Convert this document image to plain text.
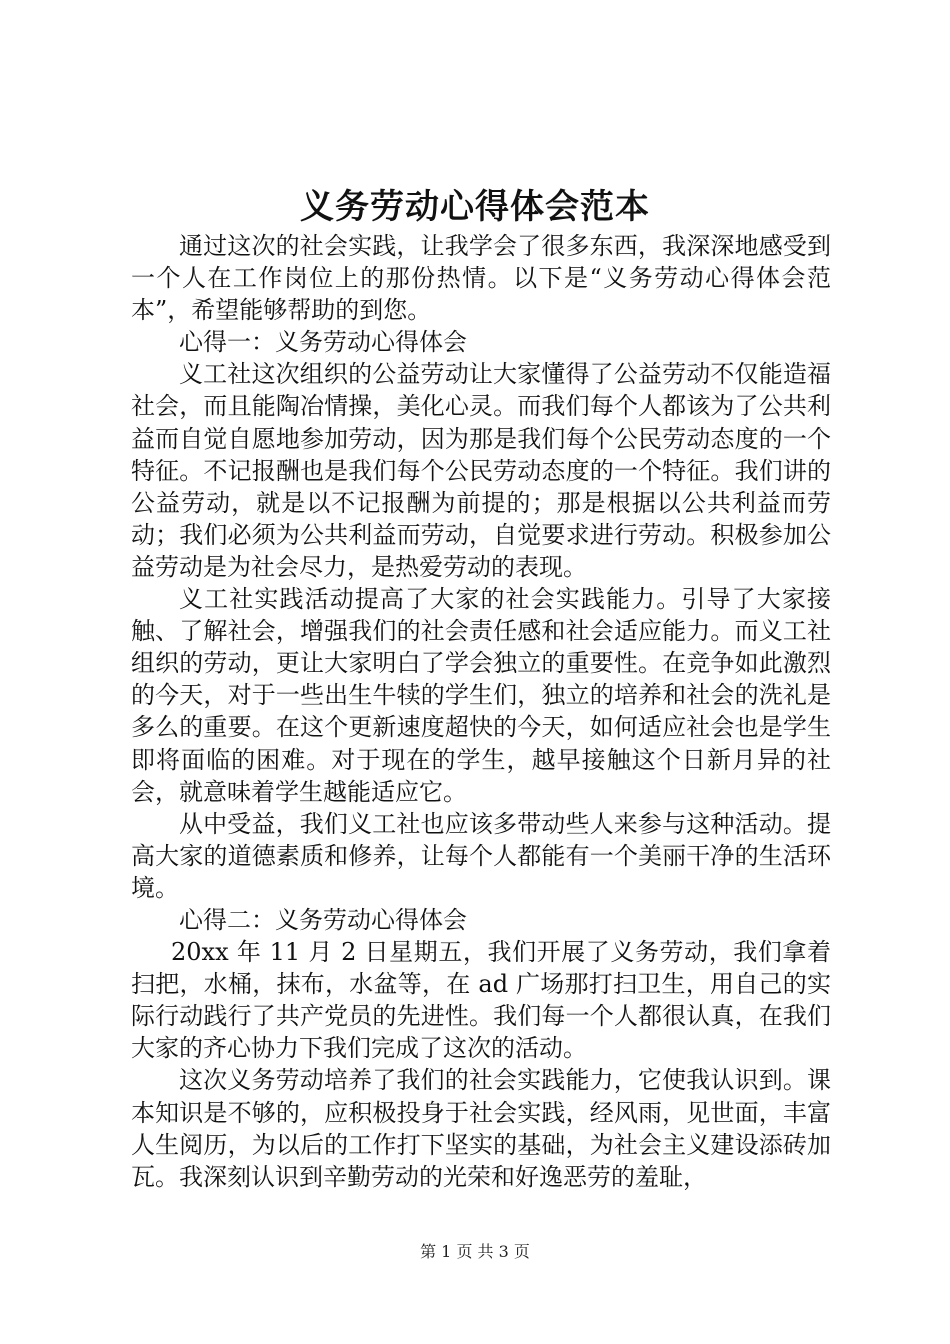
义务劳动心得体会范本

通过这次的社会实践，让我学会了很多东西，我深深地感受到一个人在工作岗位上的那份热情。以下是“义务劳动心得体会范本”，希望能够帮助的到您。

心得一：义务劳动心得体会

义工社这次组织的公益劳动让大家懂得了公益劳动不仅能造福社会，而且能陶冶情操，美化心灵。而我们每个人都该为了公共利益而自觉自愿地参加劳动，因为那是我们每个公民劳动态度的一个特征。不记报酬也是我们每个公民劳动态度的一个特征。我们讲的公益劳动，就是以不记报酬为前提的；那是根据以公共利益而劳动；我们必须为公共利益而劳动，自觉要求进行劳动。积极参加公益劳动是为社会尽力，是热爱劳动的表现。

义工社实践活动提高了大家的社会实践能力。引导了大家接触、了解社会，增强我们的社会责任感和社会适应能力。而义工社组织的劳动，更让大家明白了学会独立的重要性。在竞争如此激烈的今天，对于一些出生牛犊的学生们，独立的培养和社会的洗礼是多么的重要。在这个更新速度超快的今天，如何适应社会也是学生即将面临的困难。对于现在的学生，越早接触这个日新月异的社会，就意味着学生越能适应它。

从中受益，我们义工社也应该多带动些人来参与这种活动。提高大家的道德素质和修养，让每个人都能有一个美丽干净的生活环境。

心得二：义务劳动心得体会

20xx 年 11 月 2 日星期五，我们开展了义务劳动，我们拿着扫把，水桶，抹布，水盆等，在 ad 广场那打扫卫生，用自己的实际行动践行了共产党员的先进性。我们每一个人都很认真，在我们大家的齐心协力下我们完成了这次的活动。

这次义务劳动培养了我们的社会实践能力，它使我认识到。课本知识是不够的，应积极投身于社会实践，经风雨，见世面，丰富人生阅历，为以后的工作打下坚实的基础，为社会主义建设添砖加瓦。我深刻认识到辛勤劳动的光荣和好逸恶劳的羞耻，

第 1 页 共 3 页
